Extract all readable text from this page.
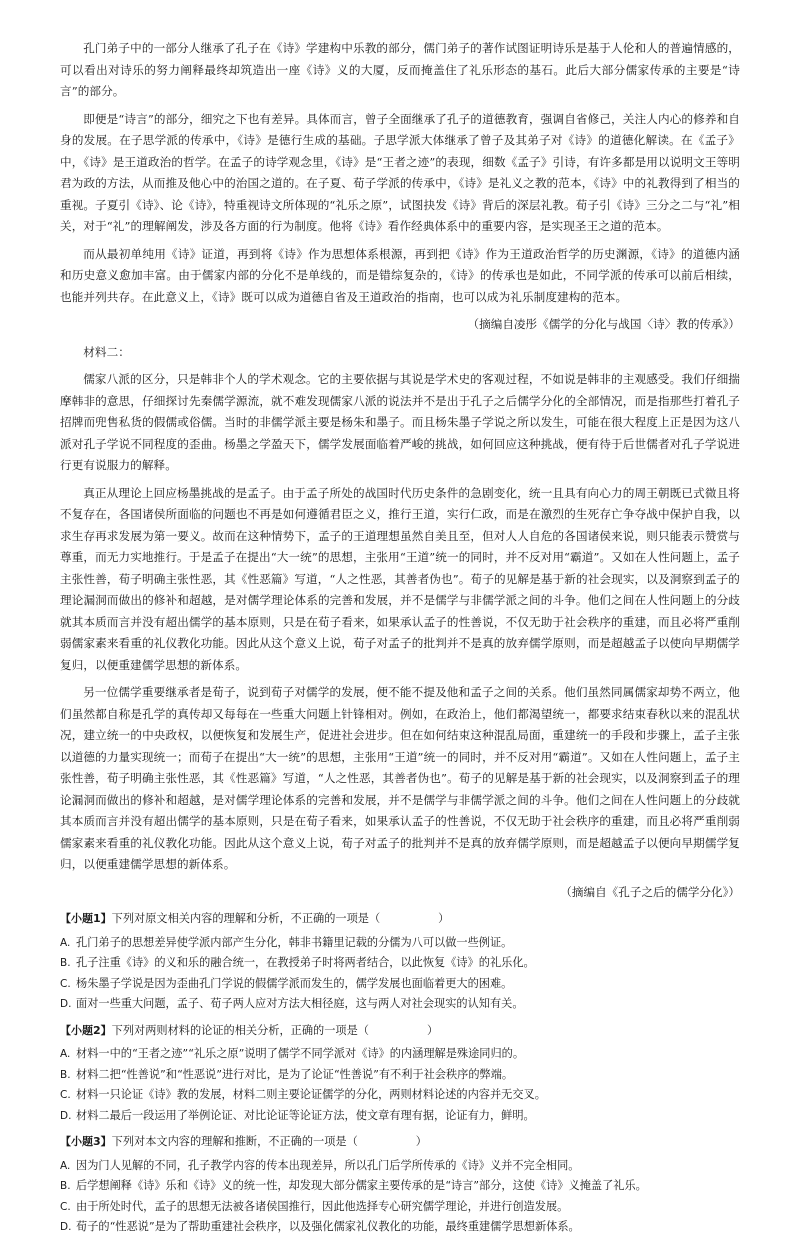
孔门弟子中的一部分人继承了孔子在《诗》学建构中乐教的部分，儒门弟子的著作试图证明诗乐是基于人伦和人的普遍情感的，可以看出对诗乐的努力阐释最终却筑造出一座《诗》义的大厦，反而掩盖住了礼乐形态的基石。此后大部分儒家传承的主要是“诗言”的部分。

即便是“诗言”的部分，细究之下也有差异。具体而言，曾子全面继承了孔子的道德教育，强调自省修己，关注人内心的修养和自身的发展。在子思学派的传承中，《诗》是德行生成的基础。子思学派大体继承了曾子及其弟子对《诗》的道德化解读。在《孟子》中，《诗》是王道政治的哲学。在孟子的诗学观念里，《诗》是“王者之迹”的表现，细数《孟子》引诗，有许多都是用以说明文王等明君为政的方法，从而推及他心中的治国之道的。在子夏、荀子学派的传承中，《诗》是礼义之教的范本，《诗》中的礼教得到了相当的重视。子夏引《诗》、论《诗》，特重视诗文所体现的“礼乐之原”，试图抉发《诗》背后的深层礼教。荀子引《诗》三分之二与“礼”相关，对于“礼”的理解阐发，涉及各方面的行为制度。他将《诗》看作经典体系中的重要内容，是实现圣王之道的范本。

而从最初单纯用《诗》证道，再到将《诗》作为思想体系根源，再到把《诗》作为王道政治哲学的历史渊源，《诗》的道德内涵和历史意义愈加丰富。由于儒家内部的分化不是单线的，而是错综复杂的，《诗》的传承也是如此，不同学派的传承可以前后相续，也能并列共存。在此意义上，《诗》既可以成为道德自省及王道政治的指南，也可以成为礼乐制度建构的范本。

（摘编自凌彤《儒学的分化与战国〈诗〉教的传承》）

材料二：

儒家八派的区分，只是韩非个人的学术观念。它的主要依据与其说是学术史的客观过程，不如说是韩非的主观感受。我们仔细揣摩韩非的意思，仔细探讨先秦儒学源流，就不难发现儒家八派的说法并不是出于孔子之后儒学分化的全部情况，而是指那些打着孔子招牌而兜售私货的假儒或俗儒。当时的非儒学派主要是杨朱和墨子。而且杨朱墨子学说之所以发生，可能在很大程度上正是因为这八派对孔子学说不同程度的歪曲。杨墨之学盈天下，儒学发展面临着严峻的挑战，如何回应这种挑战，便有待于后世儒者对孔子学说进行更有说服力的解释。

真正从理论上回应杨墨挑战的是孟子。由于孟子所处的战国时代历史条件的急剧变化，统一且具有向心力的周王朝既已式微且将不复存在，各国诸侯所面临的问题也不再是如何遵循君臣之义，推行王道，实行仁政，而是在激烈的生死存亡争夺战中保护自我，以求生存再求发展为第一要义。故而在这种情势下，孟子的王道理想虽然自美且至，但对人人自危的各国诸侯来说，则只能表示赞赏与尊重，而无力实地推行。于是孟子在提出“大一统”的思想，主张用“王道”统一的同时，并不反对用“霸道”。又如在人性问题上，孟子主张性善，荀子明确主张性恶，其《性恶篇》写道，“人之性恶，其善者伪也”。荀子的见解是基于新的社会现实，以及洞察到孟子的理论漏洞而做出的修补和超越，是对儒学理论体系的完善和发展，并不是儒学与非儒学派之间的斗争。他们之间在人性问题上的分歧就其本质而言并没有超出儒学的基本原则，只是在荀子看来，如果承认孟子的性善说，不仅无助于社会秩序的重建，而且必将严重削弱儒家素来看重的礼仪教化功能。因此从这个意义上说，荀子对孟子的批判并不是真的放弃儒学原则，而是超越孟子以使向早期儒学复归，以便重建儒学思想的新体系。

另一位儒学重要继承者是荀子，说到荀子对儒学的发展，便不能不提及他和孟子之间的关系。他们虽然同属儒家却势不两立，他们虽然都自称是孔学的真传却又每每在一些重大问题上针锋相对。例如，在政治上，他们都渴望统一，都要求结束春秋以来的混乱状况，建立统一的中央政权，以便恢复和发展生产，促进社会进步。但在如何结束这种混乱局面，重建统一的手段和步骤上，孟子主张以道德的力量实现统一；而荀子在提出“大一统”的思想，主张用“王道”统一的同时，并不反对用“霸道”。又如在人性问题上，孟子主张性善，荀子明确主张性恶，其《性恶篇》写道，“人之性恶，其善者伪也”。荀子的见解是基于新的社会现实，以及洞察到孟子的理论漏洞而做出的修补和超越，是对儒学理论体系的完善和发展，并不是儒学与非儒学派之间的斗争。他们之间在人性问题上的分歧就其本质而言并没有超出儒学的基本原则，只是在荀子看来，如果承认孟子的性善说，不仅无助于社会秩序的重建，而且必将严重削弱儒家素来看重的礼仪教化功能。因此从这个意义上说，荀子对孟子的批判并不是真的放弃儒学原则，而是超越孟子以便向早期儒学复归，以便重建儒学思想的新体系。

（摘编自《孔子之后的儒学分化》）

【小题1】下列对原文相关内容的理解和分析，不正确的一项是（	）

A. 孔门弟子的思想差异使学派内部产生分化，韩非书籍里记载的分儒为八可以做一些例证。

B. 孔子注重《诗》的义和乐的融合统一，在教授弟子时将两者结合，以此恢复《诗》的礼乐化。

C. 杨朱墨子学说是因为歪曲孔门学说的假儒学派而发生的，儒学发展也面临着更大的困难。

D. 面对一些重大问题，孟子、荀子两人应对方法大相径庭，这与两人对社会现实的认知有关。

【小题2】下列对两则材料的论证的相关分析，正确的一项是（	）

A. 材料一中的“王者之迹”“礼乐之原”说明了儒学不同学派对《诗》的内涵理解是殊途同归的。

B. 材料二把“性善说”和“性恶说”进行对比，是为了论证“性善说”有不利于社会秩序的弊端。

C. 材料一只论证《诗》教的发展，材料二则主要论证儒学的分化，两则材料论述的内容并无交叉。

D. 材料二最后一段运用了举例论证、对比论证等论证方法，使文章有理有据，论证有力，鲜明。

【小题3】下列对本文内容的理解和推断，不正确的一项是（	）

A. 因为门人见解的不同，孔子教学内容的传本出现差异，所以孔门后学所传承的《诗》义并不完全相同。

B. 后学想阐释《诗》乐和《诗》义的统一性，却发现大部分儒家主要传承的是“诗言”部分，这使《诗》义掩盖了礼乐。

C. 由于所处时代，孟子的思想无法被各诸侯国推行，因此他选择专心研究儒学理论，并进行创造发展。

D. 荀子的“性恶说”是为了帮助重建社会秩序，以及强化儒家礼仪教化的功能，最终重建儒学思想新体系。
